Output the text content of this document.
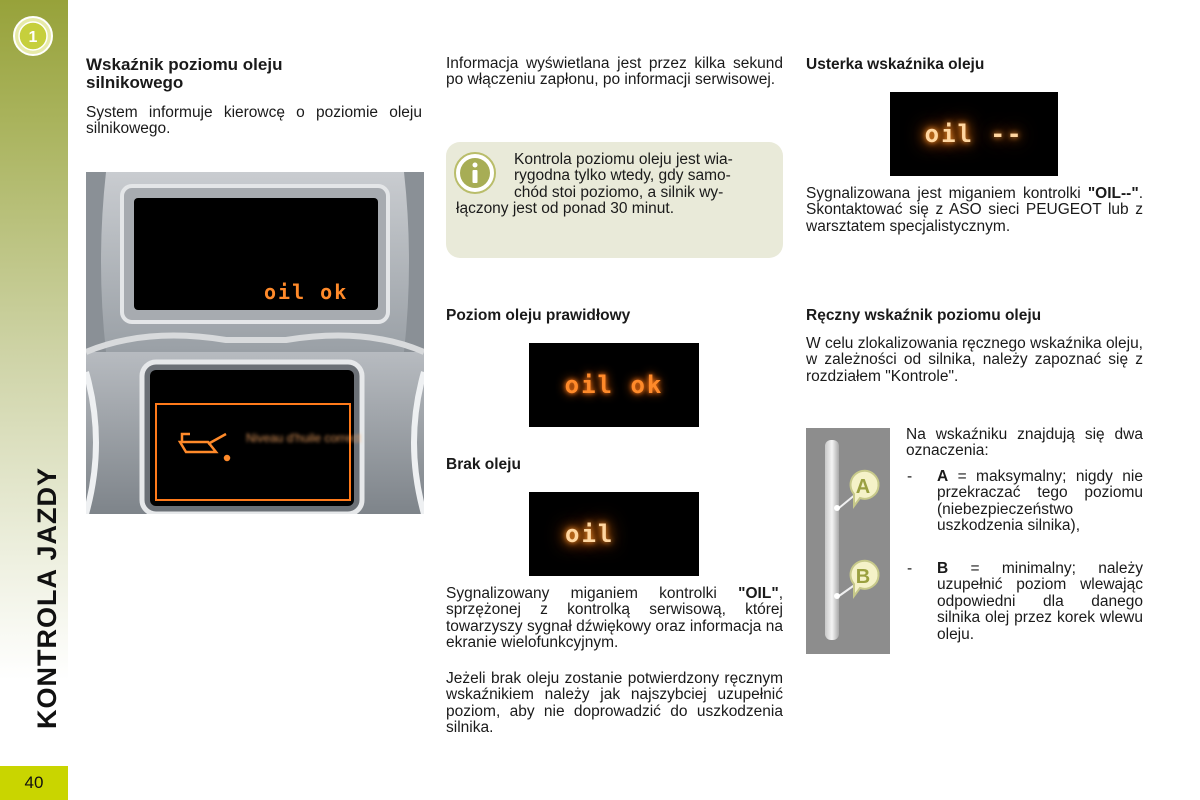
1
KONTROLA JAZDY
40
Wskaźnik poziomu oleju silnikowego
System informuje kierowcę o poziomie oleju silnikowego.
oil ok
Niveau d'huile correct
Informacja wyświetlana jest przez kilka sekund po włączeniu zapłonu, po informacji serwisowej.
Kontrola poziomu oleju jest wia-
rygodna tylko wtedy, gdy samo-
chód stoi poziomo, a silnik wy-
łączony jest od ponad 30 minut.
Poziom oleju prawidłowy
oil ok
Brak oleju
oil
Sygnalizowany miganiem kontrolki "OIL", sprzężonej z kontrolką serwisową, której towarzyszy sygnał dźwiękowy oraz informacja na ekranie wielofunkcyjnym.
Jeżeli brak oleju zostanie potwierdzony ręcznym wskaźnikiem należy jak najszybciej uzupełnić poziom, aby nie doprowadzić do uszkodzenia silnika.
Usterka wskaźnika oleju
oil --
Sygnalizowana jest miganiem kontrolki "OIL--". Skontaktować się z ASO sieci PEUGEOT lub z warsztatem specjalistycznym.
Ręczny wskaźnik poziomu oleju
W celu zlokalizowania ręcznego wskaźnika oleju, w zależności od silnika, należy zapoznać się z rozdziałem "Kontrole".
A
B
Na wskaźniku znajdują się dwa oznaczenia:
- A = maksymalny; nigdy nie przekraczać tego poziomu (niebezpieczeństwo uszkodzenia silnika),
- B = minimalny; należy uzupełnić poziom wlewając odpowiedni dla danego silnika olej przez korek wlewu oleju.
